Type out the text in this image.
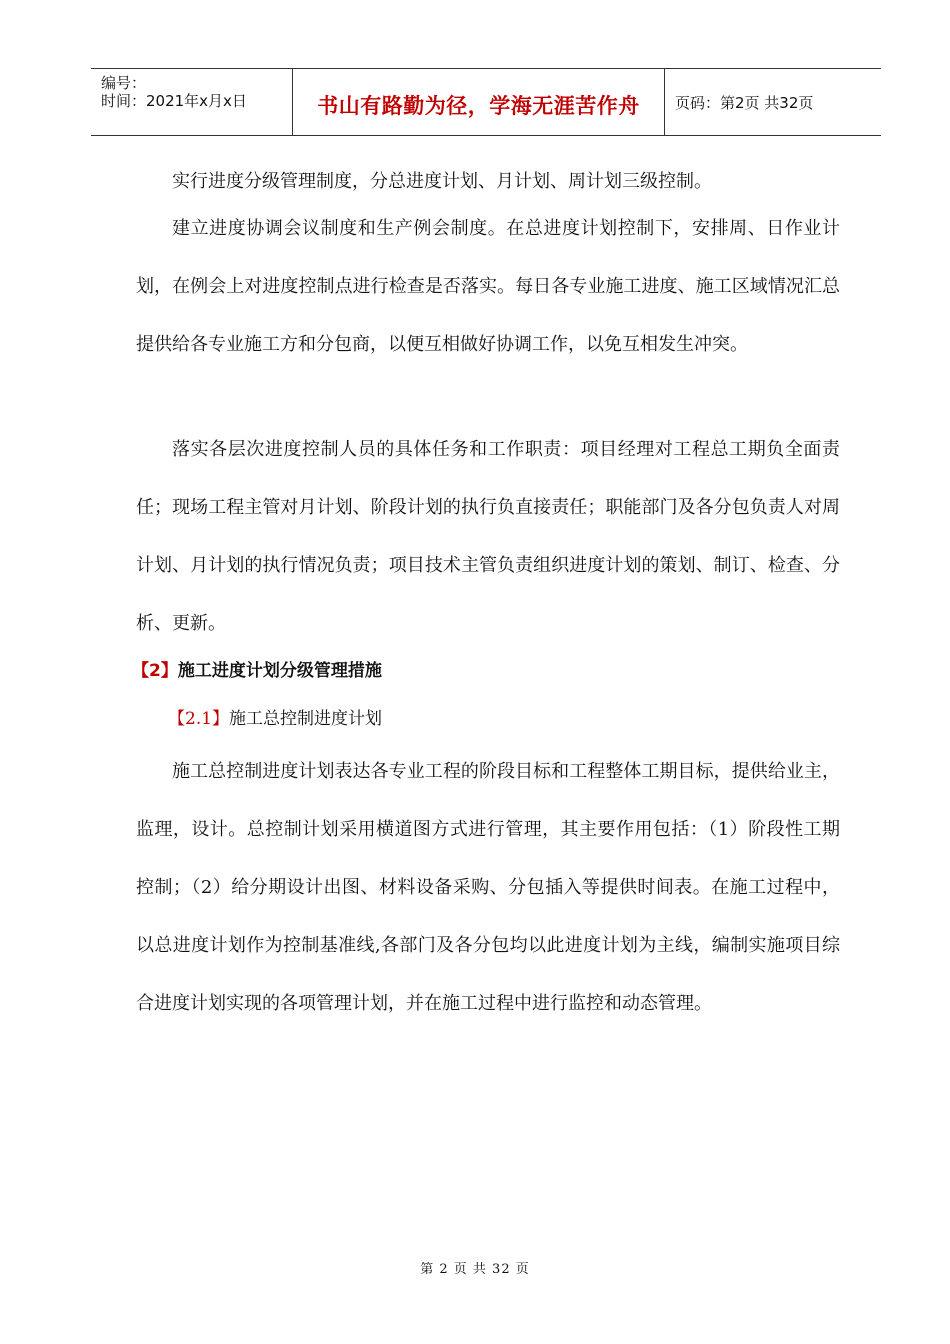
编号：
时间：2021年x月x日	书山有路勤为径，学海无涯苦作舟	页码：第2页 共32页

实行进度分级管理制度，分总进度计划、月计划、周计划三级控制。

建立进度协调会议制度和生产例会制度。在总进度计划控制下，安排周、日作业计划，在例会上对进度控制点进行检查是否落实。每日各专业施工进度、施工区域情况汇总提供给各专业施工方和分包商，以便互相做好协调工作，以免互相发生冲突。

落实各层次进度控制人员的具体任务和工作职责：项目经理对工程总工期负全面责任；现场工程主管对月计划、阶段计划的执行负直接责任；职能部门及各分包负责人对周计划、月计划的执行情况负责；项目技术主管负责组织进度计划的策划、制订、检查、分析、更新。

【2】施工进度计划分级管理措施
【2.1】施工总控制进度计划

施工总控制进度计划表达各专业工程的阶段目标和工程整体工期目标，提供给业主，监理，设计。总控制计划采用横道图方式进行管理，其主要作用包括：（1）阶段性工期控制；（2）给分期设计出图、材料设备采购、分包插入等提供时间表。在施工过程中，以总进度计划作为控制基准线,各部门及各分包均以此进度计划为主线，编制实施项目综合进度计划实现的各项管理计划，并在施工过程中进行监控和动态管理。

第 2 页 共 32 页
